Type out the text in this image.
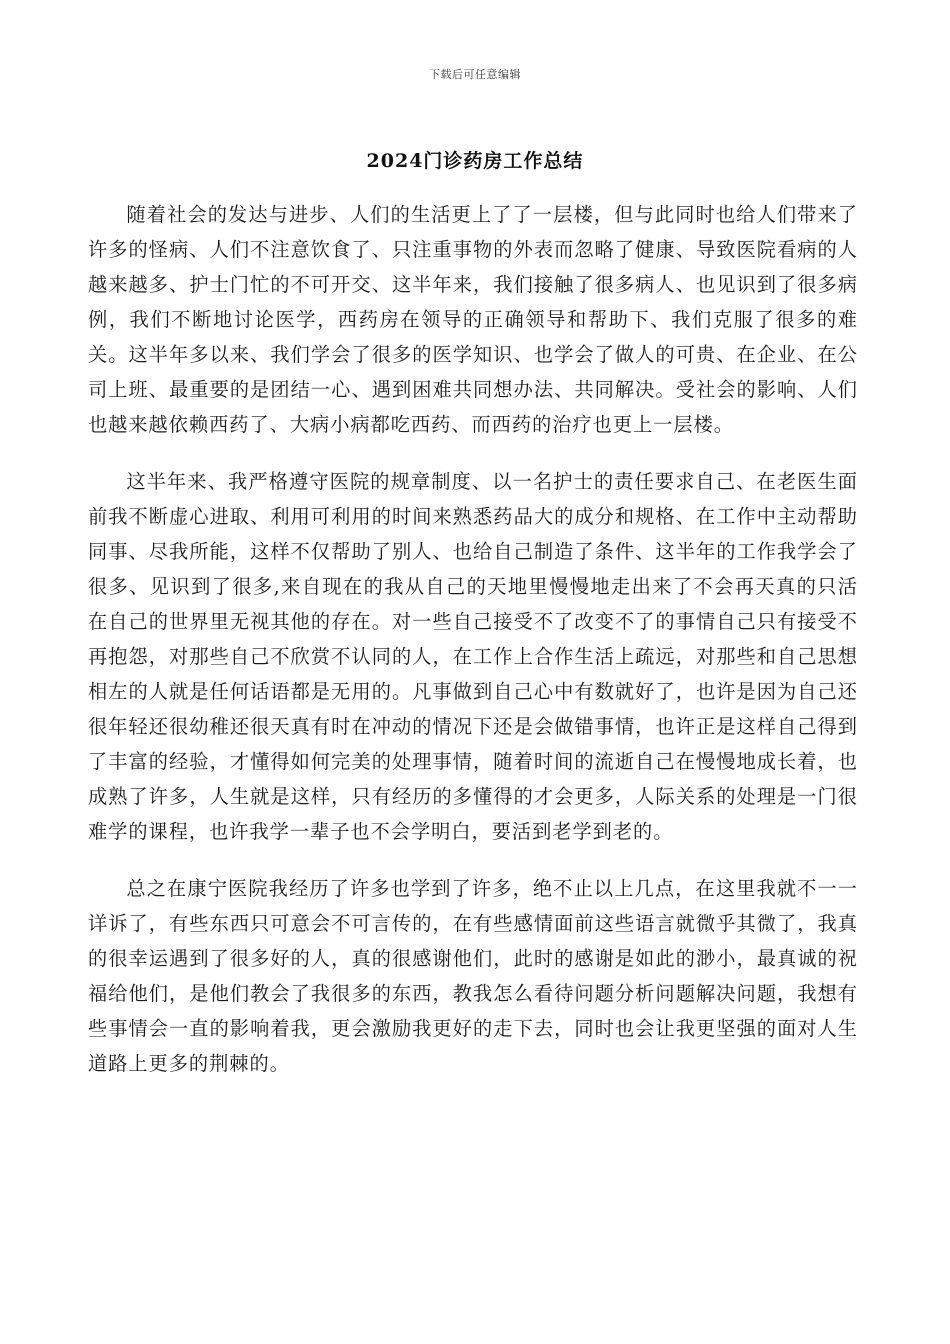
下载后可任意编辑
2024门诊药房工作总结

随着社会的发达与进步、人们的生活更上了了一层楼，但与此同时也给人们带来了许多的怪病、人们不注意饮食了、只注重事物的外表而忽略了健康、导致医院看病的人越来越多、护士门忙的不可开交、这半年来，我们接触了很多病人、也见识到了很多病例，我们不断地讨论医学，西药房在领导的正确领导和帮助下、我们克服了很多的难关。这半年多以来、我们学会了很多的医学知识、也学会了做人的可贵、在企业、在公司上班、最重要的是团结一心、遇到困难共同想办法、共同解决。受社会的影响、人们也越来越依赖西药了、大病小病都吃西药、而西药的治疗也更上一层楼。

这半年来、我严格遵守医院的规章制度、以一名护士的责任要求自己、在老医生面前我不断虚心进取、利用可利用的时间来熟悉药品大的成分和规格、在工作中主动帮助同事、尽我所能，这样不仅帮助了别人、也给自己制造了条件、这半年的工作我学会了很多、见识到了很多,来自现在的我从自己的天地里慢慢地走出来了不会再天真的只活在自己的世界里无视其他的存在。对一些自己接受不了改变不了的事情自己只有接受不再抱怨，对那些自己不欣赏不认同的人，在工作上合作生活上疏远，对那些和自己思想相左的人就是任何话语都是无用的。凡事做到自己心中有数就好了，也许是因为自己还很年轻还很幼稚还很天真有时在冲动的情况下还是会做错事情，也许正是这样自己得到了丰富的经验，才懂得如何完美的处理事情，随着时间的流逝自己在慢慢地成长着，也成熟了许多，人生就是这样，只有经历的多懂得的才会更多，人际关系的处理是一门很难学的课程，也许我学一辈子也不会学明白，要活到老学到老的。

总之在康宁医院我经历了许多也学到了许多，绝不止以上几点，在这里我就不一一详诉了，有些东西只可意会不可言传的，在有些感情面前这些语言就微乎其微了，我真的很幸运遇到了很多好的人，真的很感谢他们，此时的感谢是如此的渺小，最真诚的祝福给他们，是他们教会了我很多的东西，教我怎么看待问题分析问题解决问题，我想有些事情会一直的影响着我，更会激励我更好的走下去，同时也会让我更坚强的面对人生道路上更多的荆棘的。
